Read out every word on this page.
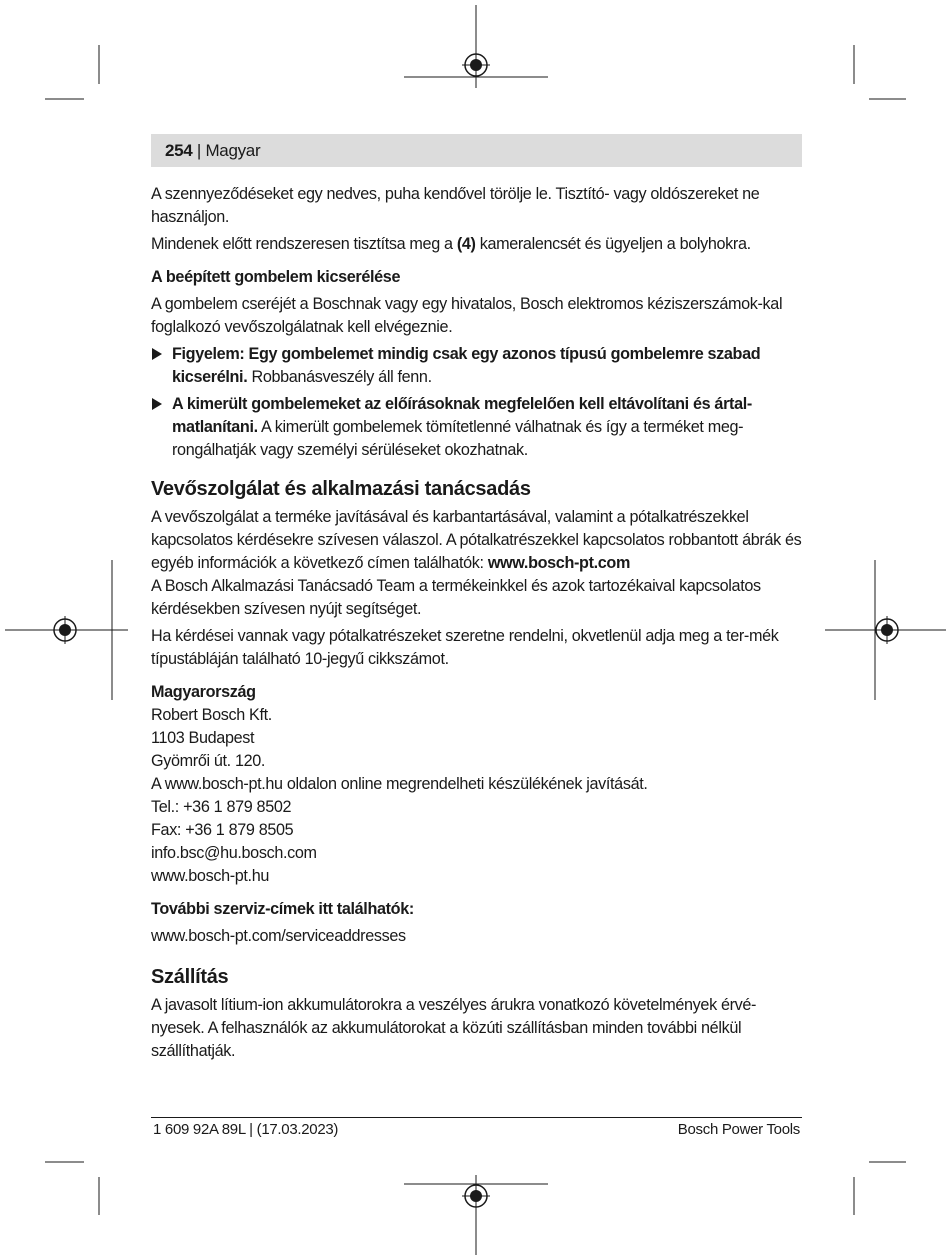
254 | Magyar

A szennyeződéseket egy nedves, puha kendővel törölje le. Tisztító- vagy oldószereket ne használjon.

Mindenek előtt rendszeresen tisztítsa meg a (4) kameralencsét és ügyeljen a bolyhokra.

A beépített gombelem kicserélése

A gombelem cseréjét a Boschnak vagy egy hivatalos, Bosch elektromos kéziszerszámok-kal foglalkozó vevőszolgálatnak kell elvégeznie.

Figyelem: Egy gombelemet mindig csak egy azonos típusú gombelemre szabad kicserélni. Robbanásveszély áll fenn.

A kimerült gombelemeket az előírásoknak megfelelően kell eltávolítani és ártal-matlanítani. A kimerült gombelemek tömítetlenné válhatnak és így a terméket meg-rongálhatják vagy személyi sérüléseket okozhatnak.

Vevőszolgálat és alkalmazási tanácsadás

A vevőszolgálat a terméke javításával és karbantartásával, valamint a pótalkatrészekkel kapcsolatos kérdésekre szívesen válaszol. A pótalkatrészekkel kapcsolatos robbantott ábrák és egyéb információk a következő címen találhatók: www.bosch-pt.com

A Bosch Alkalmazási Tanácsadó Team a termékeinkkel és azok tartozékaival kapcsolatos kérdésekben szívesen nyújt segítséget.

Ha kérdései vannak vagy pótalkatrészeket szeretne rendelni, okvetlenül adja meg a ter-mék típustábláján található 10-jegyű cikkszámot.

Magyarország

Robert Bosch Kft.

1103 Budapest

Gyömrői út. 120.

A www.bosch-pt.hu oldalon online megrendelheti készülékének javítását.

Tel.: +36 1 879 8502

Fax: +36 1 879 8505

info.bsc@hu.bosch.com

www.bosch-pt.hu

További szerviz-címek itt találhatók:

www.bosch-pt.com/serviceaddresses

Szállítás

A javasolt lítium-ion akkumulátorokra a veszélyes árukra vonatkozó követelmények érvé-nyesek. A felhasználók az akkumulátorokat a közúti szállításban minden további nélkül szállíthatják.

1 609 92A 89L | (17.03.2023)	Bosch Power Tools
